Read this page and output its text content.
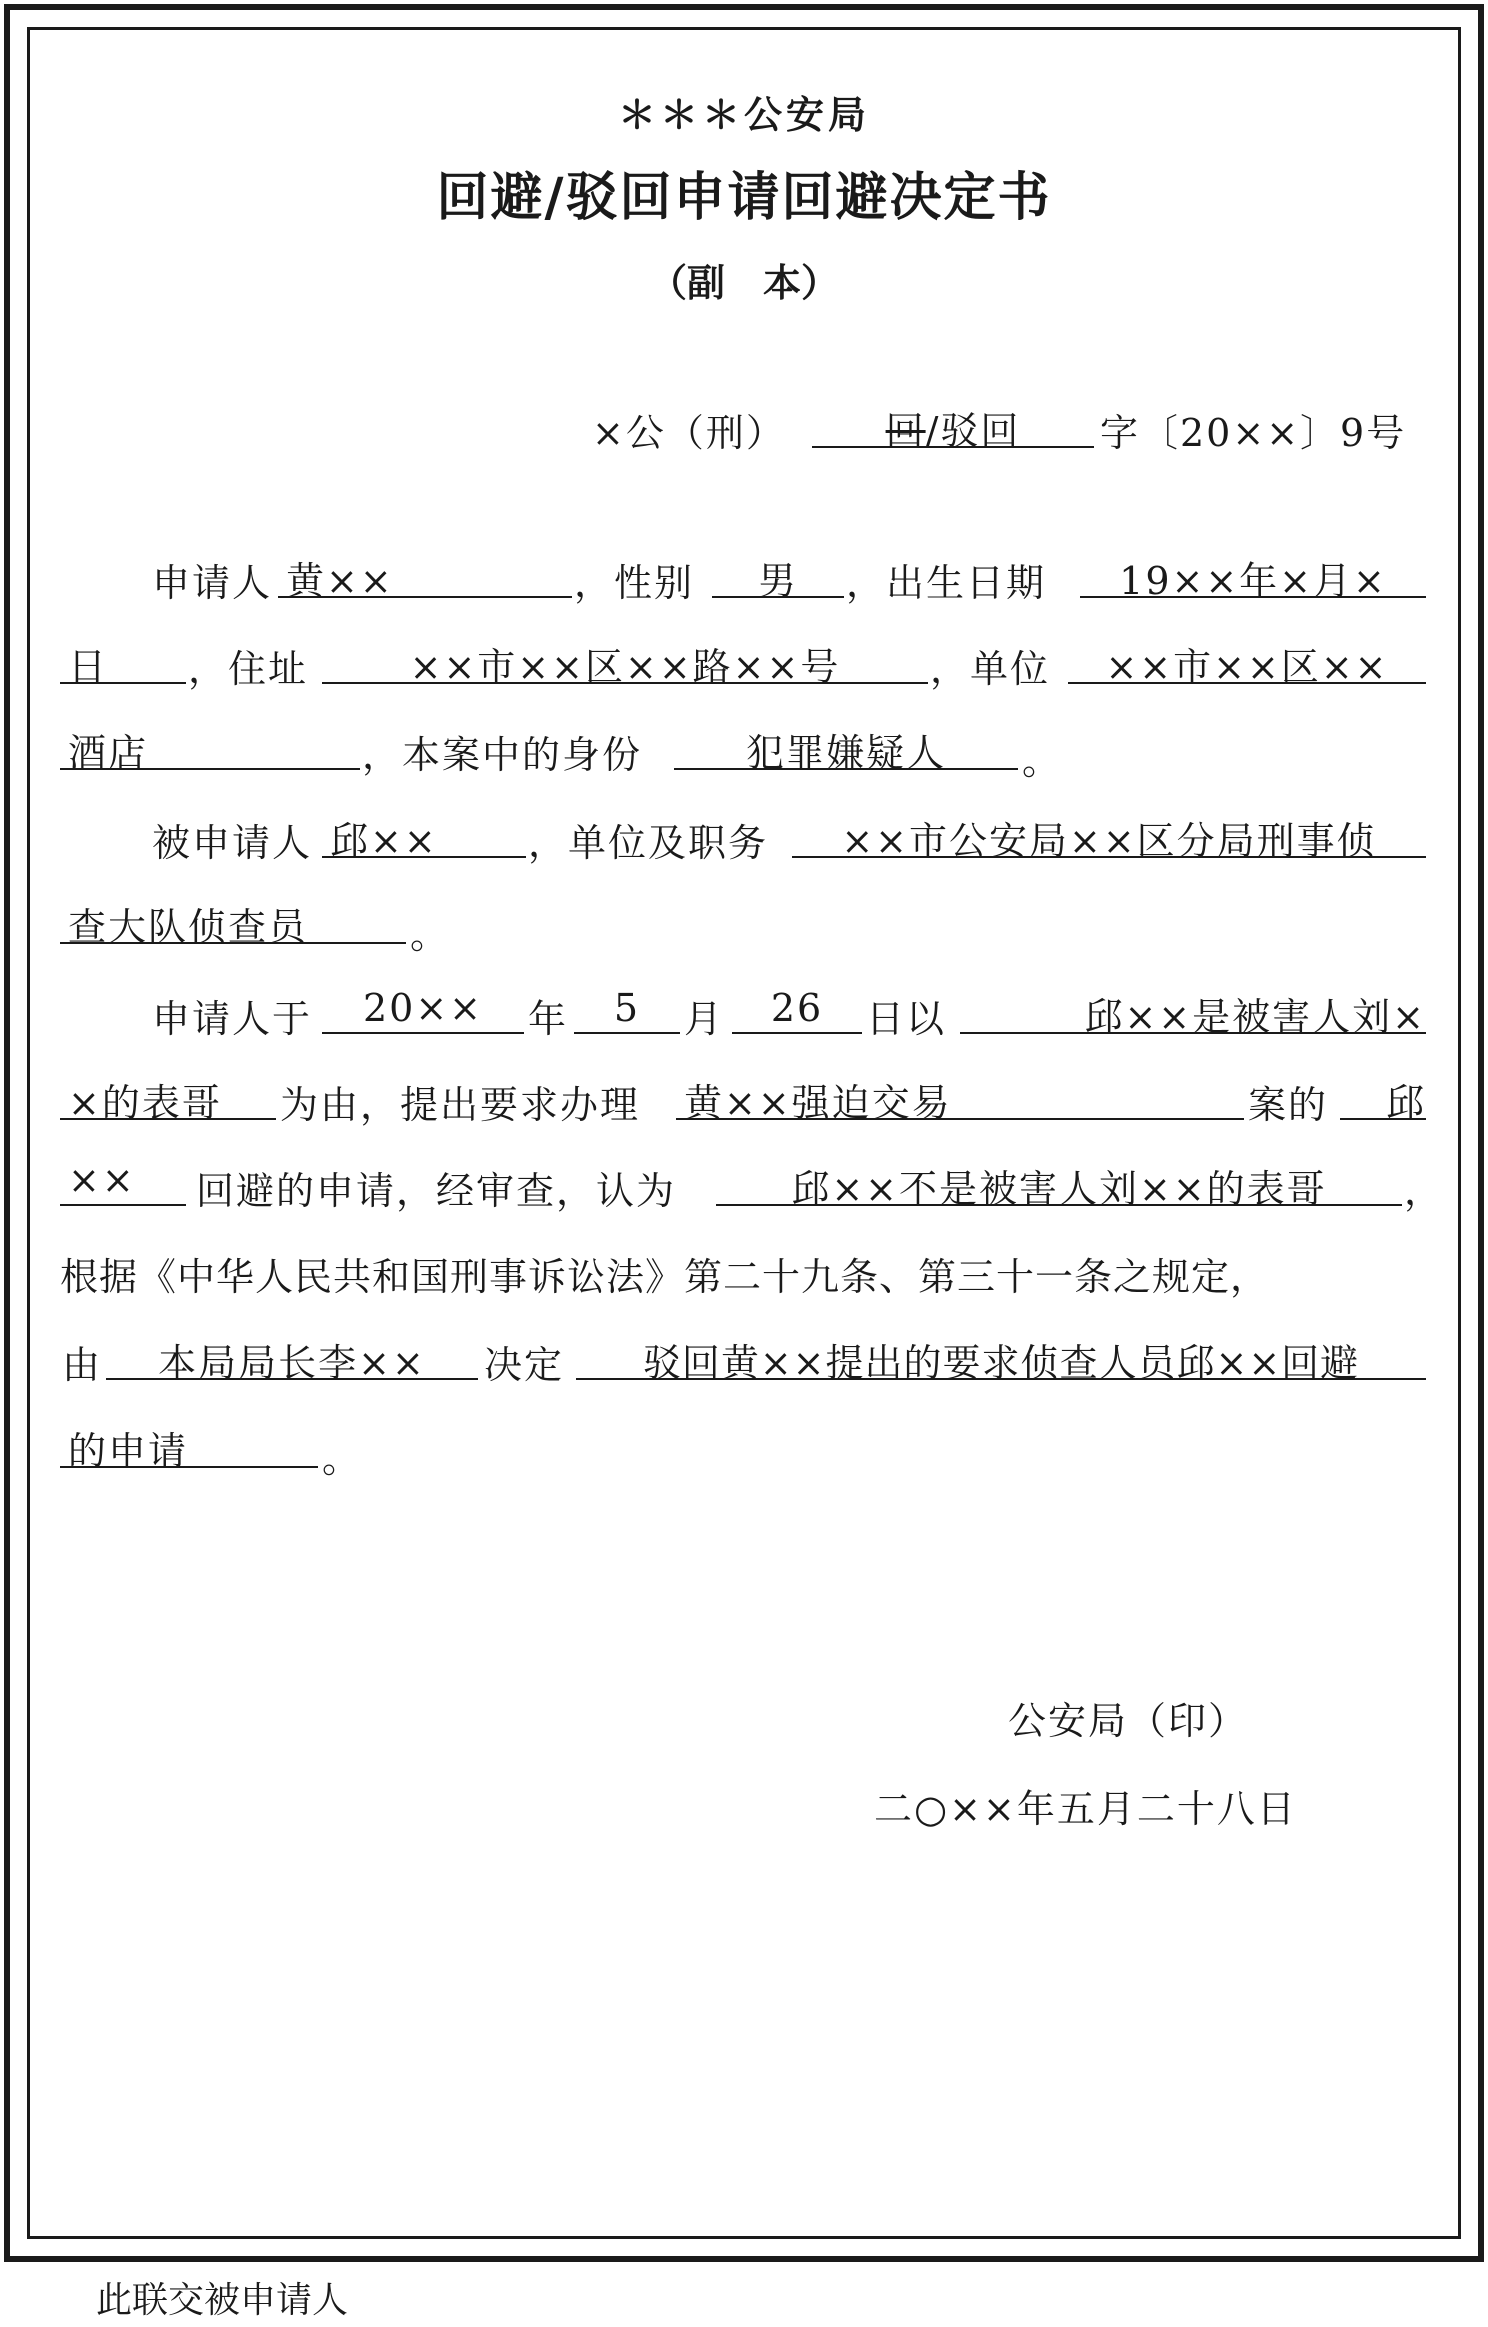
＊＊＊公安局
回避/驳回申请回避决定书
（副　本）
×公（刑）	回/驳回	字〔20××〕9号
申请人 黄××	，性别	男	，出生日期	19××年×月×
日	，住址	××市××区××路××号	，单位	××市××区××
酒店	，本案中的身份	犯罪嫌疑人	。
被申请人 邱××	，单位及职务	××市公安局××区分局刑事侦
查大队侦查员	。
申请人于	20××	年	5	月	26	日以	邱××是被害人刘×
×的表哥	为由，提出要求办理 黄××强迫交易	案的	邱
××	回避的申请，经审查，认为	邱××不是被害人刘××的表哥	，
根据《中华人民共和国刑事诉讼法》第二十九条、第三十一条之规定，
由	本局局长李××	决定	驳回黄××提出的要求侦查人员邱××回避
的申请	。
公安局（印）
二○××年五月二十八日
此联交被申请人
